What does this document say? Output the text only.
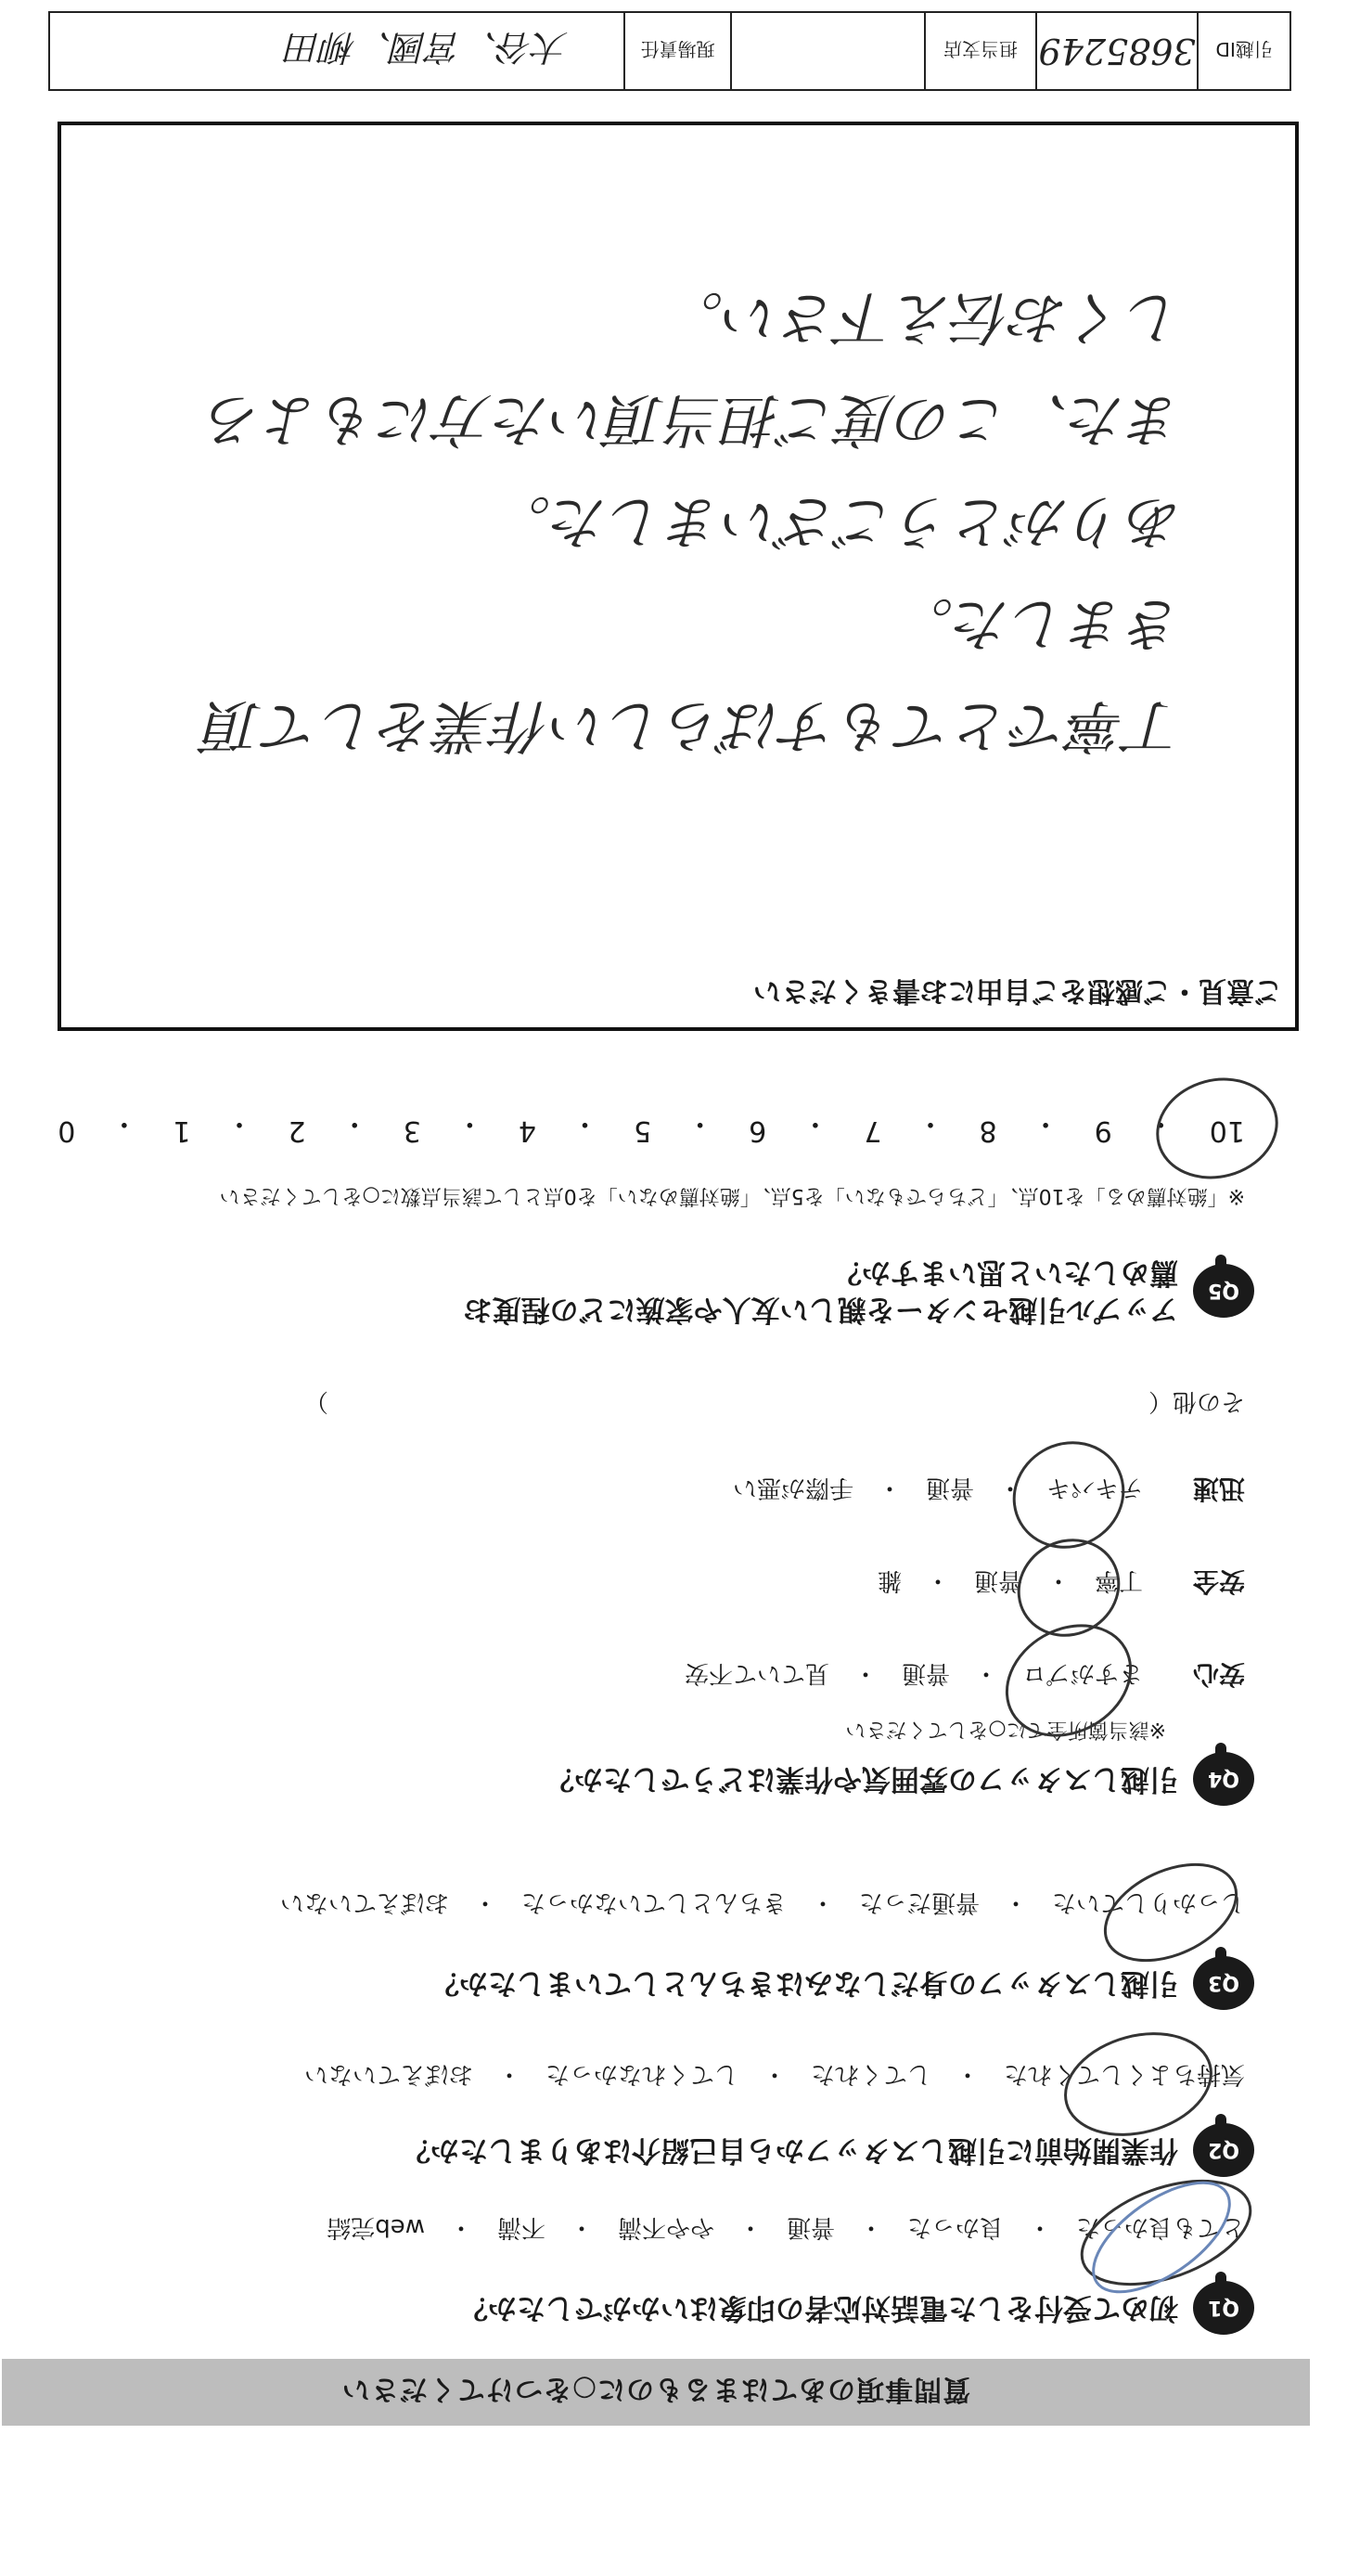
質問事項のあてはまるものに○をつけてください
Q1
初めて受付をした電話対応者の印象はいかがでしたか？
とても良かった　・　良かった　・　普通　・　やや不満　・　不満　・　web完結
Q2
作業開始前に引越しスタッフから自己紹介はありましたか？
気持ちよくしてくれた　・　してくれた　・　してくれなかった　・　おぼえていない
Q3
引越しスタッフの身だしなみはきちんとしていましたか？
しっかりしていた　・　普通だった　・　きちんとしていなかった　・　おぼえていない
Q4
引越しスタッフの雰囲気や作業はどうでしたか？
※該当箇所全てに○をしてください
安心
さすがプロ　・　普通　・　見ていて不安
安全
丁寧　・　普通　・　雑
迅速
テキパキ　・　普通　・　手際が悪い
その他（　　　　　　　　　　　　　　　　　　　　　　　　　　　　　　　　　　）
Q5
アップル引越センターを親しい友人や家族にどの程度お薦めしたいと思いますか？
※「絶対薦める」を10点、「どちらでもない」を5点、「絶対薦めない」を0点として該当点数に○をしてください
10
・
9
・
8
・
7
・
6
・
5
・
4
・
3
・
2
・
1
・
0
ご意見・ご感想をご自由にお書きください
丁寧でとてもすばらしい作業をして頂きました。
ありがとうございました。
また、この度ご担当頂いた方にもよろしくお伝え下さい。
引越ID
3685249
担当支店
現場責任
大谷、宮國、柳田
